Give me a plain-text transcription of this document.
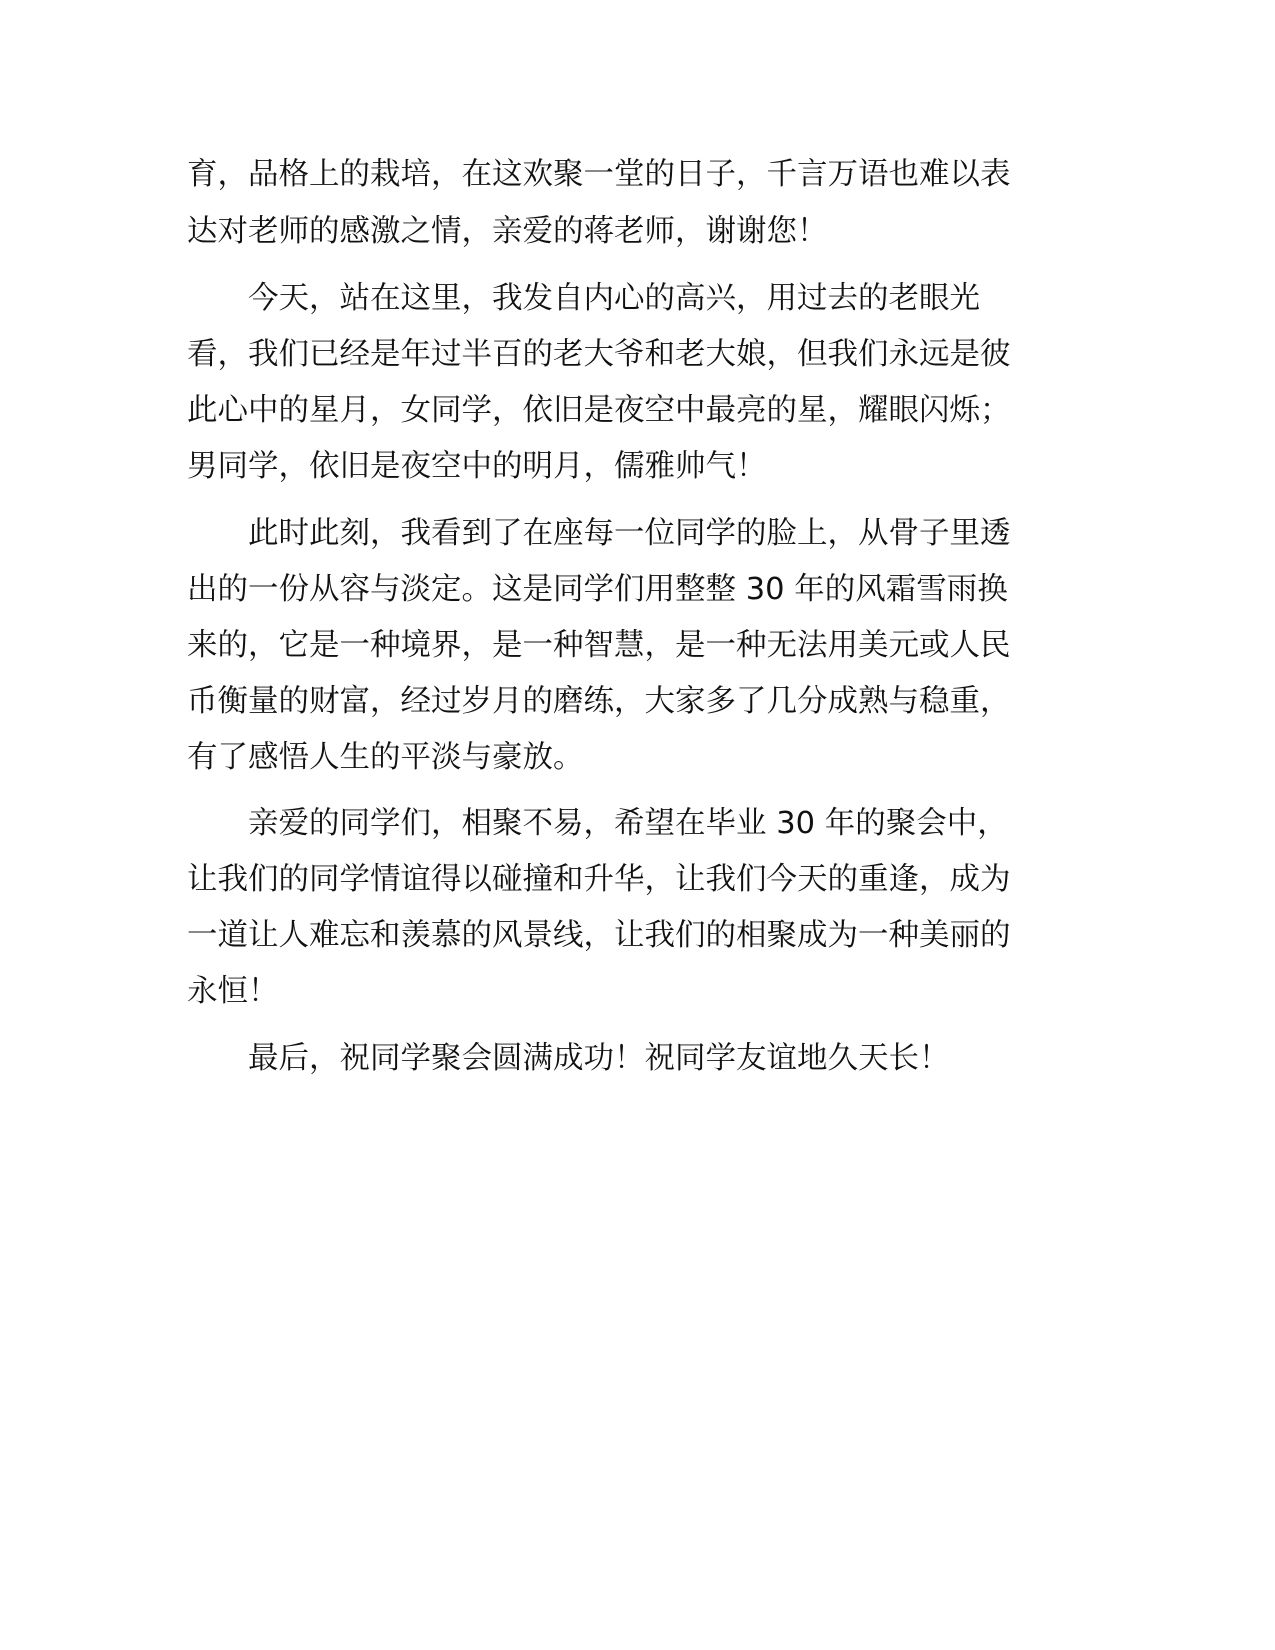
育，品格上的栽培，在这欢聚一堂的日子，千言万语也难以表
达对老师的感激之情，亲爱的蒋老师，谢谢您！
　　今天，站在这里，我发自内心的高兴，用过去的老眼光
看，我们已经是年过半百的老大爷和老大娘，但我们永远是彼
此心中的星月，女同学，依旧是夜空中最亮的星，耀眼闪烁；
男同学，依旧是夜空中的明月，儒雅帅气！
　　此时此刻，我看到了在座每一位同学的脸上，从骨子里透
出的一份从容与淡定。这是同学们用整整 30 年的风霜雪雨换
来的，它是一种境界，是一种智慧，是一种无法用美元或人民
币衡量的财富，经过岁月的磨练，大家多了几分成熟与稳重，
有了感悟人生的平淡与豪放。
　　亲爱的同学们，相聚不易，希望在毕业 30 年的聚会中，
让我们的同学情谊得以碰撞和升华，让我们今天的重逢，成为
一道让人难忘和羡慕的风景线，让我们的相聚成为一种美丽的
永恒！
　　最后，祝同学聚会圆满成功！祝同学友谊地久天长！
